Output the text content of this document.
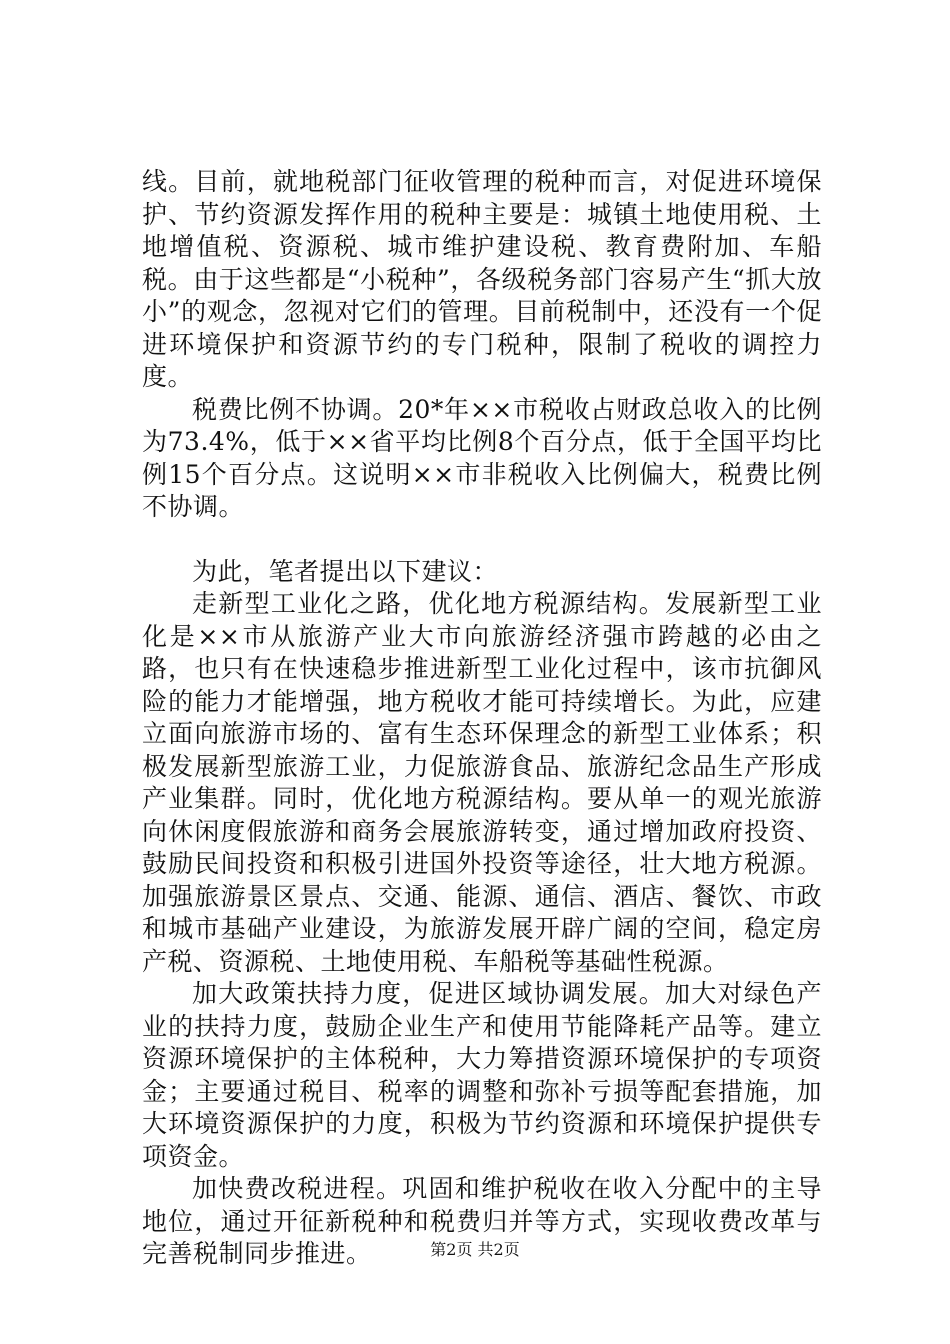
线。目前，就地税部门征收管理的税种而言，对促进环境保护、节约资源发挥作用的税种主要是：城镇土地使用税、土地增值税、资源税、城市维护建设税、教育费附加、车船税。由于这些都是“小税种”，各级税务部门容易产生“抓大放小”的观念，忽视对它们的管理。目前税制中，还没有一个促进环境保护和资源节约的专门税种，限制了税收的调控力度。

税费比例不协调。20*年××市税收占财政总收入的比例为73.4%，低于××省平均比例8个百分点，低于全国平均比例15个百分点。这说明××市非税收入比例偏大，税费比例不协调。

为此，笔者提出以下建议：

走新型工业化之路，优化地方税源结构。发展新型工业化是××市从旅游产业大市向旅游经济强市跨越的必由之路，也只有在快速稳步推进新型工业化过程中，该市抗御风险的能力才能增强，地方税收才能可持续增长。为此，应建立面向旅游市场的、富有生态环保理念的新型工业体系；积极发展新型旅游工业，力促旅游食品、旅游纪念品生产形成产业集群。同时，优化地方税源结构。要从单一的观光旅游向休闲度假旅游和商务会展旅游转变，通过增加政府投资、鼓励民间投资和积极引进国外投资等途径，壮大地方税源。加强旅游景区景点、交通、能源、通信、酒店、餐饮、市政和城市基础产业建设，为旅游发展开辟广阔的空间，稳定房产税、资源税、土地使用税、车船税等基础性税源。

加大政策扶持力度，促进区域协调发展。加大对绿色产业的扶持力度，鼓励企业生产和使用节能降耗产品等。建立资源环境保护的主体税种，大力筹措资源环境保护的专项资金；主要通过税目、税率的调整和弥补亏损等配套措施，加大环境资源保护的力度，积极为节约资源和环境保护提供专项资金。

加快费改税进程。巩固和维护税收在收入分配中的主导地位，通过开征新税种和税费归并等方式，实现收费改革与完善税制同步推进。	第2页 共2页
